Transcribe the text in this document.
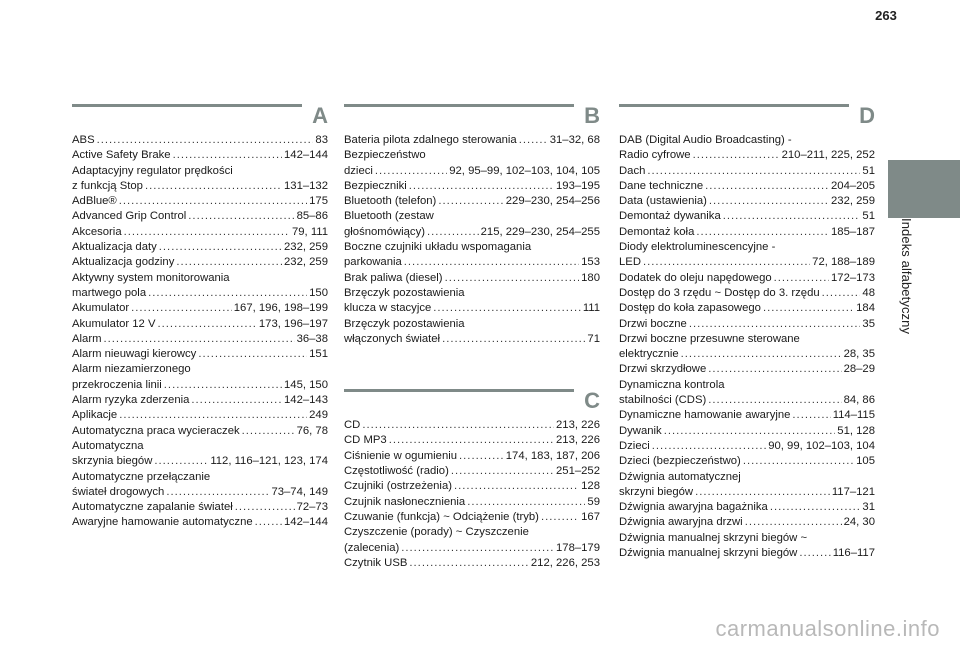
263
Indeks alfabetyczny
A
ABS .....	83
Active Safety Brake .....	142–144
Adaptacyjny regulator prędkości
z funkcją Stop .....	131–132
AdBlue® .....	175
Advanced Grip Control .....	85–86
Akcesoria .....	79, 111
Aktualizacja daty .....	232, 259
Aktualizacja godziny .....	232, 259
Aktywny system monitorowania
martwego pola .....	150
Akumulator .....	167, 196, 198–199
Akumulator 12 V .....	173, 196–197
Alarm .....	36–38
Alarm nieuwagi kierowcy .....	151
Alarm niezamierzonego
przekroczenia linii .....	145, 150
Alarm ryzyka zderzenia .....	142–143
Aplikacje .....	249
Automatyczna praca wycieraczek .....	76, 78
Automatyczna
skrzynia biegów .....	112, 116–121, 123, 174
Automatyczne przełączanie
świateł drogowych .....	73–74, 149
Automatyczne zapalanie świateł .....	72–73
Awaryjne hamowanie automatyczne .....	142–144
B
Bateria pilota zdalnego sterowania .....	31–32, 68
Bezpieczeństwo
dzieci .....	92, 95–99, 102–103, 104, 105
Bezpieczniki .....	193–195
Bluetooth (telefon) .....	229–230, 254–256
Bluetooth (zestaw
głośnomówiący) .....	215, 229–230, 254–255
Boczne czujniki układu wspomagania
parkowania .....	153
Brak paliwa (diesel) .....	180
Brzęczyk pozostawienia
klucza w stacyjce .....	111
Brzęczyk pozostawienia
włączonych świateł .....	71
C
CD .....	213, 226
CD MP3 .....	213, 226
Ciśnienie w ogumieniu .....	174, 183, 187, 206
Częstotliwość (radio) .....	251–252
Czujniki (ostrzeżenia) .....	128
Czujnik nasłonecznienia .....	59
Czuwanie (funkcja) ~ Odciążenie (tryb) .....	167
Czyszczenie (porady) ~ Czyszczenie
(zalecenia) .....	178–179
Czytnik USB .....	212, 226, 253
D
DAB (Digital Audio Broadcasting) -
Radio cyfrowe .....	210–211, 225, 252
Dach .....	51
Dane techniczne .....	204–205
Data (ustawienia) .....	232, 259
Demontaż dywanika .....	51
Demontaż koła .....	185–187
Diody elektroluminescencyjne -
LED .....	72, 188–189
Dodatek do oleju napędowego .....	172–173
Dostęp do 3 rzędu ~ Dostęp do 3. rzędu .....	48
Dostęp do koła zapasowego .....	184
Drzwi boczne .....	35
Drzwi boczne przesuwne sterowane
elektrycznie .....	28, 35
Drzwi skrzydłowe .....	28–29
Dynamiczna kontrola
stabilności (CDS) .....	84, 86
Dynamiczne hamowanie awaryjne .....	114–115
Dywanik .....	51, 128
Dzieci .....	90, 99, 102–103, 104
Dzieci (bezpieczeństwo) .....	105
Dźwignia automatycznej
skrzyni biegów .....	117–121
Dźwignia awaryjna bagażnika .....	31
Dźwignia awaryjna drzwi .....	24, 30
Dźwignia manualnej skrzyni biegów ~
Dźwignia manualnej skrzyni biegów .....	116–117
carmanualsonline.info
